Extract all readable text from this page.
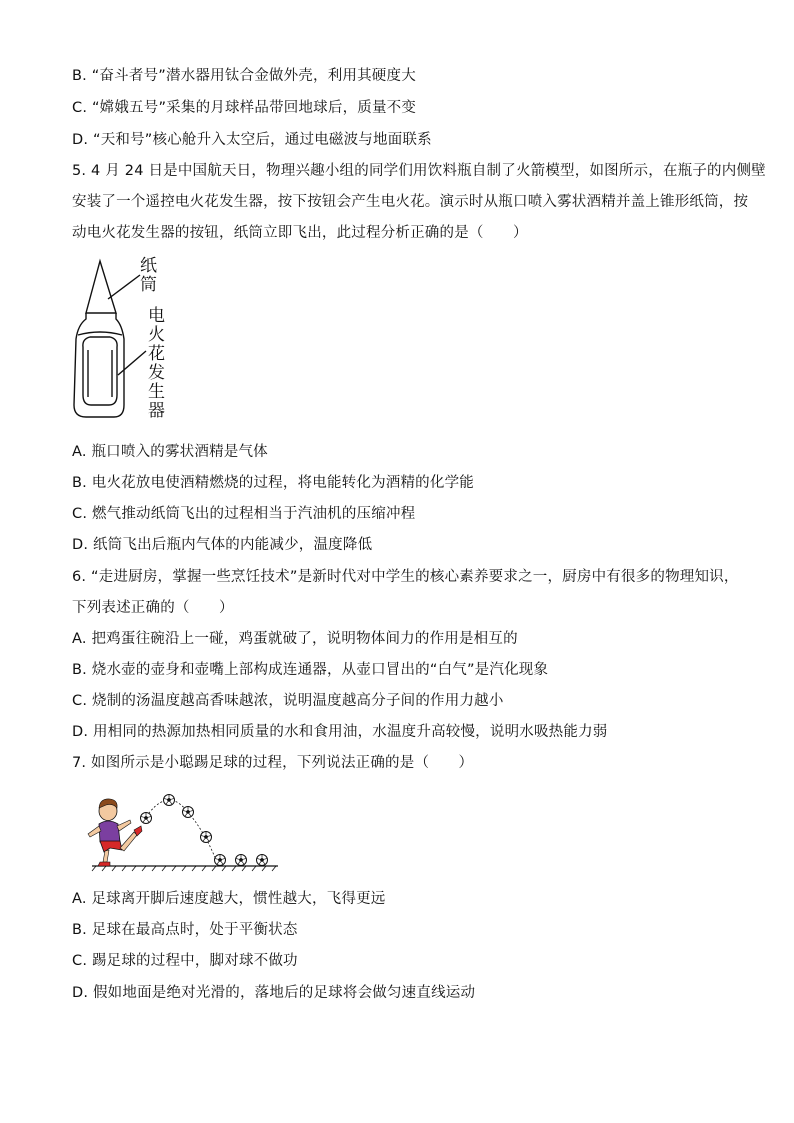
B. “奋斗者号”潜水器用钛合金做外壳，利用其硬度大
C. “嫦娥五号”采集的月球样品带回地球后，质量不变
D. “天和号”核心舱升入太空后，通过电磁波与地面联系
5. 4 月 24 日是中国航天日，物理兴趣小组的同学们用饮料瓶自制了火箭模型，如图所示，在瓶子的内侧壁
安装了一个遥控电火花发生器，按下按钮会产生电火花。演示时从瓶口喷入雾状酒精并盖上锥形纸筒，按
动电火花发生器的按钮，纸筒立即飞出，此过程分析正确的是（　　）
纸
筒
电
火
花
发
生
器
A. 瓶口喷入的雾状酒精是气体
B. 电火花放电使酒精燃烧的过程，将电能转化为酒精的化学能
C. 燃气推动纸筒飞出的过程相当于汽油机的压缩冲程
D. 纸筒飞出后瓶内气体的内能减少，温度降低
6. “走进厨房，掌握一些烹饪技术”是新时代对中学生的核心素养要求之一，厨房中有很多的物理知识，
下列表述正确的（　　）
A. 把鸡蛋往碗沿上一碰，鸡蛋就破了，说明物体间力的作用是相互的
B. 烧水壶的壶身和壶嘴上部构成连通器，从壶口冒出的“白气”是汽化现象
C. 烧制的汤温度越高香味越浓，说明温度越高分子间的作用力越小
D. 用相同的热源加热相同质量的水和食用油，水温度升高较慢，说明水吸热能力弱
7. 如图所示是小聪踢足球的过程，下列说法正确的是（　　）
A. 足球离开脚后速度越大，惯性越大，飞得更远
B. 足球在最高点时，处于平衡状态
C. 踢足球的过程中，脚对球不做功
D. 假如地面是绝对光滑的，落地后的足球将会做匀速直线运动
